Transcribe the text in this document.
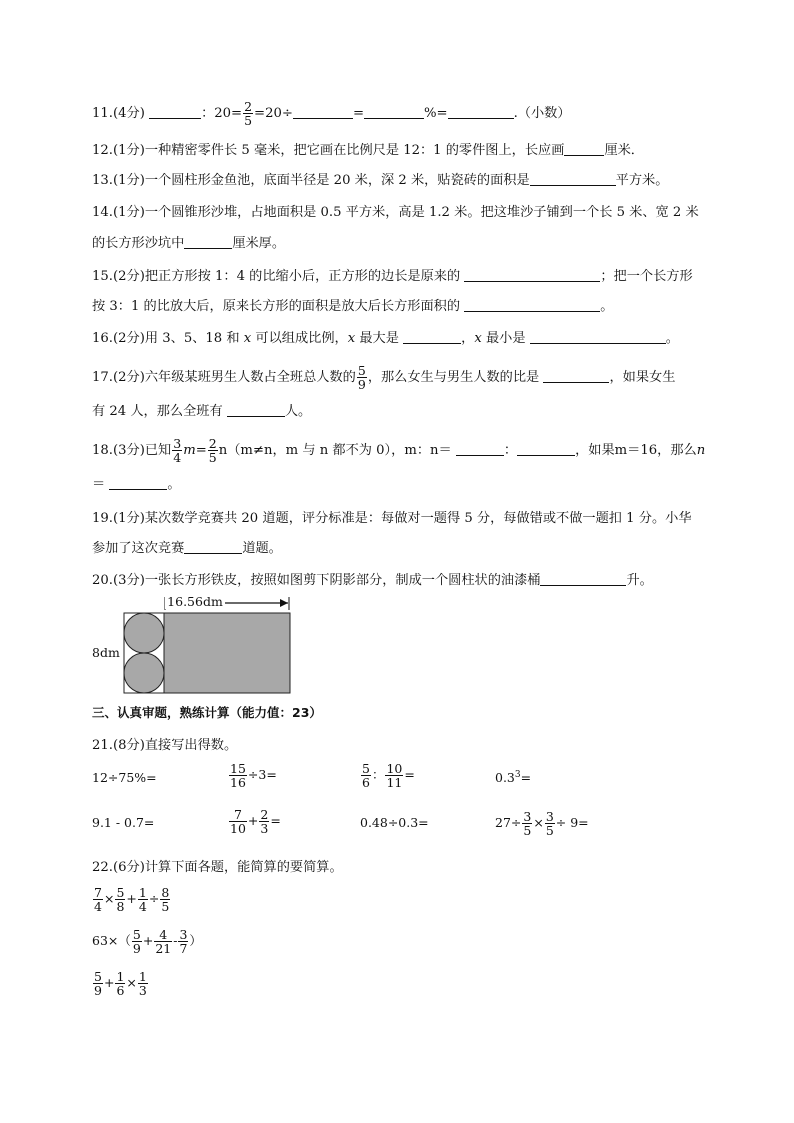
11.(4分)	：$20= \frac{2}{5} =20\div$	=	%=	.（小数）
12.(1分)一种精密零件长 5 毫米，把它画在比例尺是 12：1 的零件图上，长应画	厘米．
13.(1分)一个圆柱形金鱼池，底面半径是 20 米，深 2 米，贴瓷砖的面积是	平方米。
14.(1分)一个圆锥形沙堆，占地面积是 0.5 平方米，高是 1.2 米。把这堆沙子铺到一个长 5 米、宽 2 米
的长方形沙坑中	厘米厚。
15.(2分)把正方形按 1：4 的比缩小后，正方形的边长是原来的	；把一个长方形
按 3：1 的比放大后，原来长方形的面积是放大后长方形面积的	。
16.(2分)用 3、5、18 和 x 可以组成比例，x 最大是	，x 最小是	。
17.(2分)六年级某班男生人数占全班总人数的 $\frac{5}{9}$ ，那么女生与男生人数的比是	，如果女生
有 24 人，那么全班有	人。
18.(3分)已知 $\frac{3}{4} m= \frac{2}{5} n(m\ne n$，m 与 n 都不为 0），m：n＝	：	，如果m＝16，那么n
＝	。
19.(1分)某次数学竞赛共 20 道题，评分标准是：每做对一题得 5 分，每做错或不做一题扣 1 分。小华
参加了这次竞赛	道题。
20.(3分)一张长方形铁皮，按照如图剪下阴影部分，制成一个圆柱状的油漆桶	升。
16.56dm
8dm
三、认真审题，熟练计算（能力值：23）
21.(8分)直接写出得数。
12÷75%=	$\frac{15}{16} \div 3=$	$\frac{5}{6}$ ： $\frac{10}{11}$ =	$0.3^3=$
9.1 - 0.7=	$\frac{7}{10} + \frac{2}{3}$ =	0.48÷0.3=	$27\div \frac{3}{5} \times \frac{3}{5} \div 9=$
22.(6分)计算下面各题，能简算的要简算。
$\frac{7}{4} \times \frac{5}{8} + \frac{1}{4} \div \frac{8}{5}$
$63\times( \frac{5}{9} + \frac{4}{21} - \frac{3}{7}$ ）
$\frac{5}{9} + \frac{1}{6} \times \frac{1}{3}$
